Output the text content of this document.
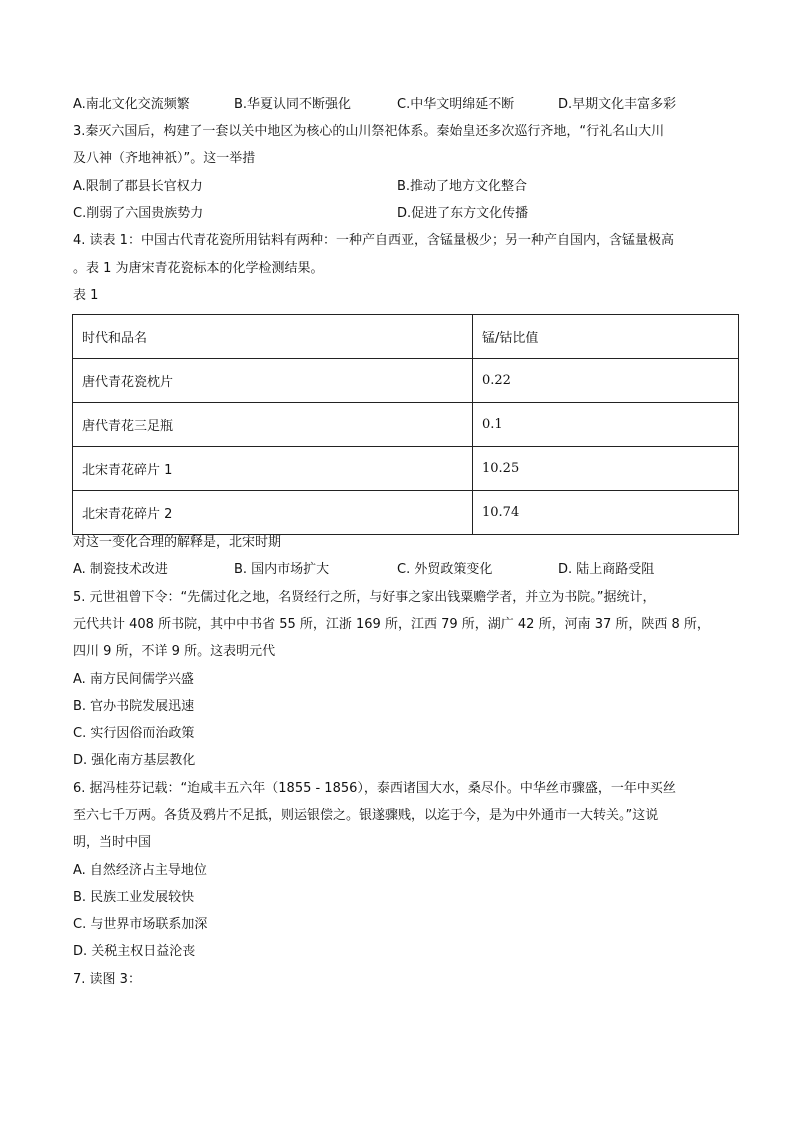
A.南北文化交流频繁	B.华夏认同不断强化	C.中华文明绵延不断	D.早期文化丰富多彩
3.秦灭六国后，构建了一套以关中地区为核心的山川祭祀体系。秦始皇还多次巡行齐地，“行礼名山大川
及八神（齐地神祇）”。这一举措
A.限制了郡县长官权力	B.推动了地方文化整合
C.削弱了六国贵族势力	D.促进了东方文化传播
4. 读表 1：中国古代青花瓷所用钴料有两种：一种产自西亚，含锰量极少；另一种产自国内，含锰量极高
。表 1 为唐宋青花瓷标本的化学检测结果。
表 1
时代和品名	锰/钴比值
唐代青花瓷枕片	0.22
唐代青花三足瓶	0.1
北宋青花碎片 1	10.25
北宋青花碎片 2	10.74
对这一变化合理的解释是，北宋时期
A. 制瓷技术改进	B. 国内市场扩大	C. 外贸政策变化	D. 陆上商路受阻
5. 元世祖曾下令：“先儒过化之地，名贤经行之所，与好事之家出钱粟赡学者，并立为书院。”据统计，
元代共计 408 所书院，其中中书省 55 所，江浙 169 所，江西 79 所，湖广 42 所，河南 37 所，陕西 8 所，
四川 9 所，不详 9 所。这表明元代
A. 南方民间儒学兴盛
B. 官办书院发展迅速
C. 实行因俗而治政策
D. 强化南方基层教化
6. 据冯桂芬记载：“迨咸丰五六年（1855 - 1856），泰西诸国大水，桑尽仆。中华丝市骤盛，一年中买丝
至六七千万两。各货及鸦片不足抵，则运银偿之。银遂骤贱，以迄于今，是为中外通市一大转关。”这说
明，当时中国
A. 自然经济占主导地位
B. 民族工业发展较快
C. 与世界市场联系加深
D. 关税主权日益沦丧
7. 读图 3：
